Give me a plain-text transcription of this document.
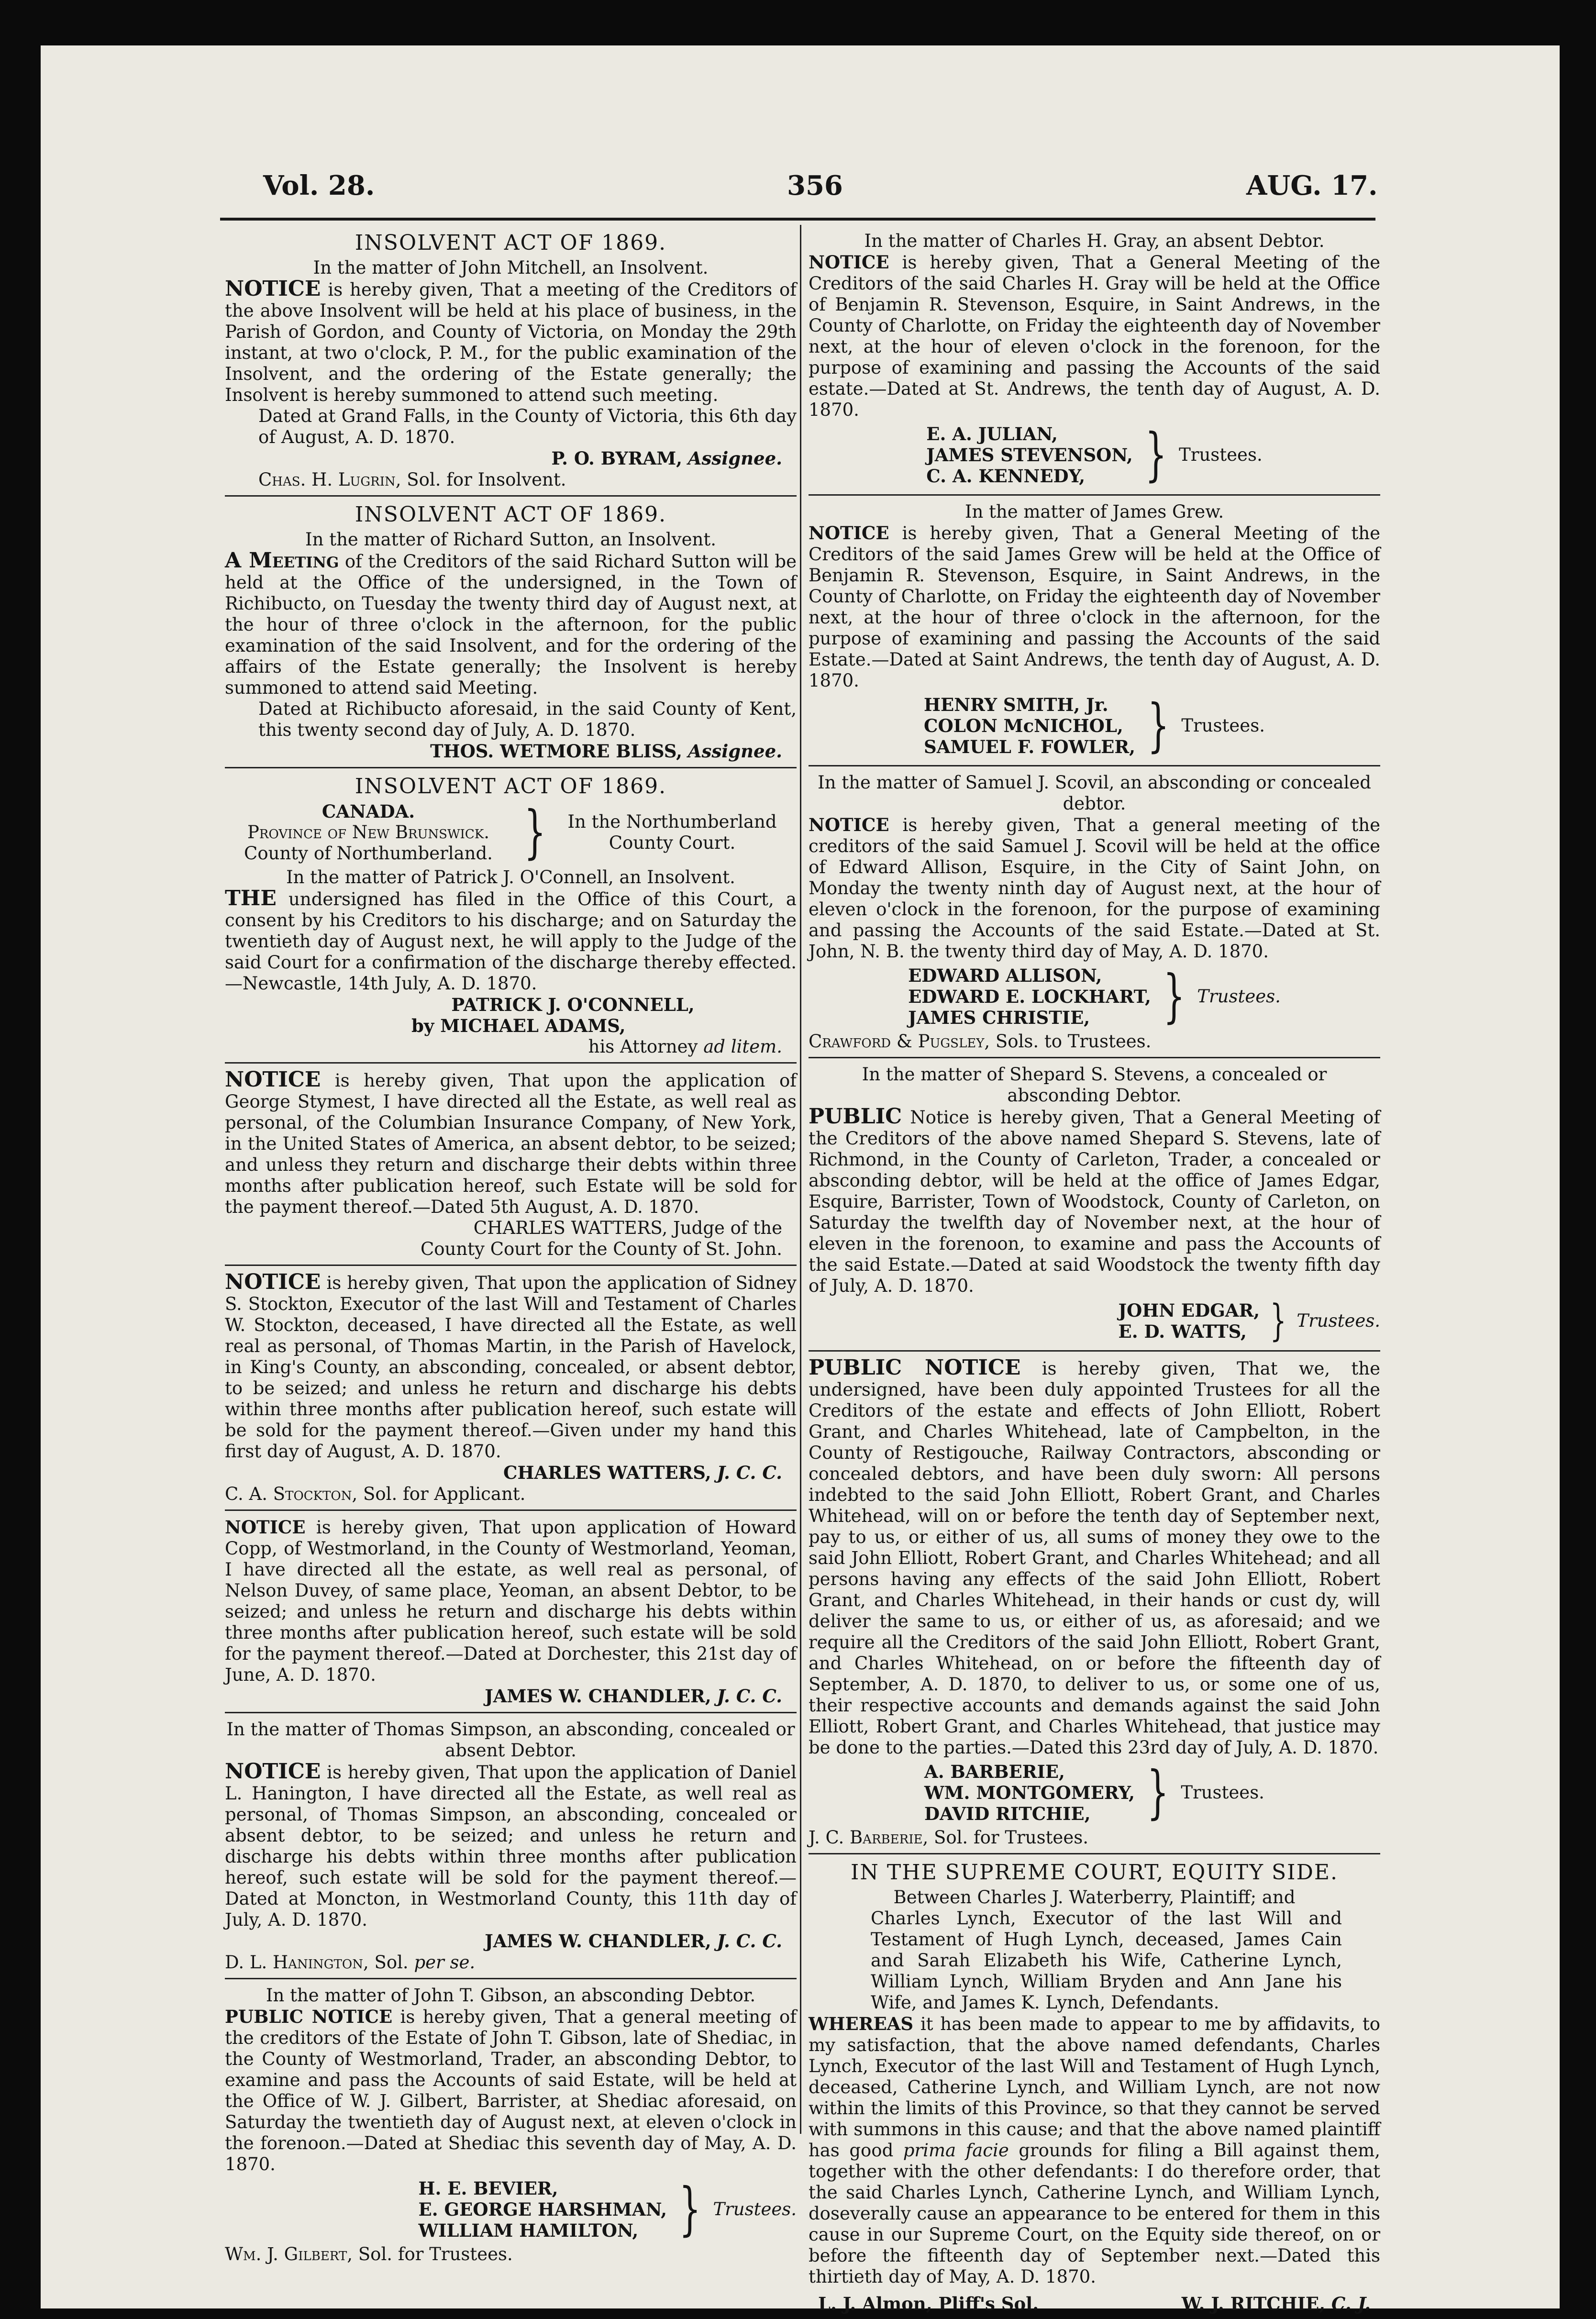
Vol. 28.	356	AUG. 17.
INSOLVENT ACT OF 1869.

In the matter of John Mitchell, an Insolvent.

NOTICE is hereby given, That a meeting of the Creditors of the above Insolvent will be held at his place of business, in the Parish of Gordon, and County of Victoria, on Monday the 29th instant, at two o'clock, P. M., for the public examination of the Insolvent, and the ordering of the Estate generally; the Insolvent is hereby summoned to attend such meeting.

Dated at Grand Falls, in the County of Victoria, this 6th day of August, A. D. 1870.

P. O. BYRAM, Assignee.

Chas. H. Lugrin, Sol. for Insolvent.

INSOLVENT ACT OF 1869.

In the matter of Richard Sutton, an Insolvent.

A Meeting of the Creditors of the said Richard Sutton will be held at the Office of the undersigned, in the Town of Richibucto, on Tuesday the twenty third day of August next, at the hour of three o'clock in the afternoon, for the public examination of the said Insolvent, and for the ordering of the affairs of the Estate generally; the Insolvent is hereby summoned to attend said Meeting.

Dated at Richibucto aforesaid, in the said County of Kent, this twenty second day of July, A. D. 1870.

THOS. WETMORE BLISS, Assignee.

INSOLVENT ACT OF 1869.
CANADA.
Province of New Brunswick.
County of Northumberland. } In the Northumberland
County Court.

In the matter of Patrick J. O'Connell, an Insolvent.

THE undersigned has filed in the Office of this Court, a consent by his Creditors to his discharge; and on Saturday the twentieth day of August next, he will apply to the Judge of the said Court for a confirmation of the discharge thereby effected.—Newcastle, 14th July, A. D. 1870.

PATRICK J. O'CONNELL,

by MICHAEL ADAMS,

his Attorney ad litem.

NOTICE is hereby given, That upon the application of George Stymest, I have directed all the Estate, as well real as personal, of the Columbian Insurance Company, of New York, in the United States of America, an absent debtor, to be seized; and unless they return and discharge their debts within three months after publication hereof, such Estate will be sold for the payment thereof.—Dated 5th August, A. D. 1870.

CHARLES WATTERS, Judge of the

County Court for the County of St. John.

NOTICE is hereby given, That upon the application of Sidney S. Stockton, Executor of the last Will and Testament of Charles W. Stockton, deceased, I have directed all the Estate, as well real as personal, of Thomas Martin, in the Parish of Havelock, in King's County, an absconding, concealed, or absent debtor, to be seized; and unless he return and discharge his debts within three months after publication hereof, such estate will be sold for the payment thereof.—Given under my hand this first day of August, A. D. 1870.

CHARLES WATTERS, J. C. C.

C. A. Stockton, Sol. for Applicant.

NOTICE is hereby given, That upon application of Howard Copp, of Westmorland, in the County of Westmorland, Yeoman, I have directed all the estate, as well real as personal, of Nelson Duvey, of same place, Yeoman, an absent Debtor, to be seized; and unless he return and discharge his debts within three months after publication hereof, such estate will be sold for the payment thereof.—Dated at Dorchester, this 21st day of June, A. D. 1870.

JAMES W. CHANDLER, J. C. C.

In the matter of Thomas Simpson, an absconding, concealed or absent Debtor.

NOTICE is hereby given, That upon the application of Daniel L. Hanington, I have directed all the Estate, as well real as personal, of Thomas Simpson, an absconding, concealed or absent debtor, to be seized; and unless he return and discharge his debts within three months after publication hereof, such estate will be sold for the payment thereof.—Dated at Moncton, in Westmorland County, this 11th day of July, A. D. 1870.

JAMES W. CHANDLER, J. C. C.

D. L. Hanington, Sol. per se.

In the matter of John T. Gibson, an absconding Debtor.

PUBLIC NOTICE is hereby given, That a general meeting of the creditors of the Estate of John T. Gibson, late of Shediac, in the County of Westmorland, Trader, an absconding Debtor, to examine and pass the Accounts of said Estate, will be held at the Office of W. J. Gilbert, Barrister, at Shediac aforesaid, on Saturday the twentieth day of August next, at eleven o'clock in the forenoon.—Dated at Shediac this seventh day of May, A. D. 1870.

H. E. BEVIER,
E. GEORGE HARSHMAN,
WILLIAM HAMILTON, } Trustees.

Wm. J. Gilbert, Sol. for Trustees.

In the matter of Charles H. Gray, an absent Debtor.

NOTICE is hereby given, That a General Meeting of the Creditors of the said Charles H. Gray will be held at the Office of Benjamin R. Stevenson, Esquire, in Saint Andrews, in the County of Charlotte, on Friday the eighteenth day of November next, at the hour of eleven o'clock in the forenoon, for the purpose of examining and passing the Accounts of the said estate.—Dated at St. Andrews, the tenth day of August, A. D. 1870.

E. A. JULIAN,
JAMES STEVENSON,
C. A. KENNEDY,	} Trustees.

In the matter of James Grew.

NOTICE is hereby given, That a General Meeting of the Creditors of the said James Grew will be held at the Office of Benjamin R. Stevenson, Esquire, in Saint Andrews, in the County of Charlotte, on Friday the eighteenth day of November next, at the hour of three o'clock in the afternoon, for the purpose of examining and passing the Accounts of the said Estate.—Dated at Saint Andrews, the tenth day of August, A. D. 1870.

HENRY SMITH, Jr.
COLON McNICHOL,
SAMUEL F. FOWLER, } Trustees.

In the matter of Samuel J. Scovil, an absconding or concealed debtor.

NOTICE is hereby given, That a general meeting of the creditors of the said Samuel J. Scovil will be held at the office of Edward Allison, Esquire, in the City of Saint John, on Monday the twenty ninth day of August next, at the hour of eleven o'clock in the forenoon, for the purpose of examining and passing the Accounts of the said Estate.—Dated at St. John, N. B. the twenty third day of May, A. D. 1870.

EDWARD ALLISON,
EDWARD E. LOCKHART,
JAMES CHRISTIE,	} Trustees.

Crawford & Pugsley, Sols. to Trustees.

In the matter of Shepard S. Stevens, a concealed or absconding Debtor.

PUBLIC Notice is hereby given, That a General Meeting of the Creditors of the above named Shepard S. Stevens, late of Richmond, in the County of Carleton, Trader, a concealed or absconding debtor, will be held at the office of James Edgar, Esquire, Barrister, Town of Woodstock, County of Carleton, on Saturday the twelfth day of November next, at the hour of eleven in the forenoon, to examine and pass the Accounts of the said Estate.—Dated at said Woodstock the twenty fifth day of July, A. D. 1870.

JOHN EDGAR,
E. D. WATTS, } Trustees.

PUBLIC NOTICE is hereby given, That we, the undersigned, have been duly appointed Trustees for all the Creditors of the estate and effects of John Elliott, Robert Grant, and Charles Whitehead, late of Campbelton, in the County of Restigouche, Railway Contractors, absconding or concealed debtors, and have been duly sworn: All persons indebted to the said John Elliott, Robert Grant, and Charles Whitehead, will on or before the tenth day of September next, pay to us, or either of us, all sums of money they owe to the said John Elliott, Robert Grant, and Charles Whitehead; and all persons having any effects of the said John Elliott, Robert Grant, and Charles Whitehead, in their hands or cust dy, will deliver the same to us, or either of us, as aforesaid; and we require all the Creditors of the said John Elliott, Robert Grant, and Charles Whitehead, on or before the fifteenth day of September, A. D. 1870, to deliver to us, or some one of us, their respective accounts and demands against the said John Elliott, Robert Grant, and Charles Whitehead, that justice may be done to the parties.—Dated this 23rd day of July, A. D. 1870.

A. BARBERIE,
WM. MONTGOMERY,
DAVID RITCHIE, } Trustees.

J. C. Barberie, Sol. for Trustees.

IN THE SUPREME COURT, EQUITY SIDE.

Between Charles J. Waterberry, Plaintiff; and

Charles Lynch, Executor of the last Will and Testament of Hugh Lynch, deceased, James Cain and Sarah Elizabeth his Wife, Catherine Lynch, William Lynch, William Bryden and Ann Jane his Wife, and James K. Lynch, Defendants.

WHEREAS it has been made to appear to me by affidavits, to my satisfaction, that the above named defendants, Charles Lynch, Executor of the last Will and Testament of Hugh Lynch, deceased, Catherine Lynch, and William Lynch, are not now within the limits of this Province, so that they cannot be served with summons in this cause; and that the above named plaintiff has good prima facie grounds for filing a Bill against them, together with the other defendants: I do therefore order, that the said Charles Lynch, Catherine Lynch, and William Lynch, doseverally cause an appearance to be entered for them in this cause in our Supreme Court, on the Equity side thereof, on or before the fifteenth day of September next.—Dated this thirtieth day of May, A. D. 1870.

L. J. Almon, Pliff's Sol.	W. J. RITCHIE, C. J.
